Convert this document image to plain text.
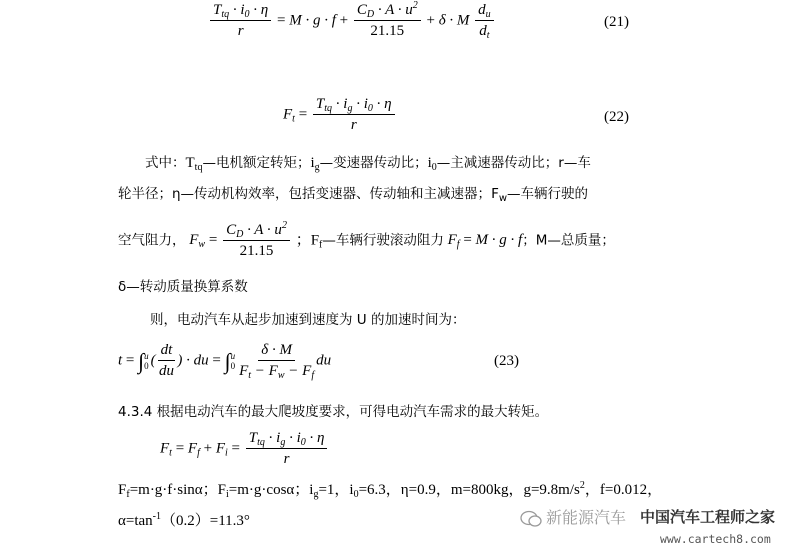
$\frac{T_{tq} \cdot i_0 \cdot \eta}{r} = M \cdot g \cdot f + \frac{C_D \cdot A \cdot u^2}{21.15} + \delta \cdot M \frac{d_u}{d_t}$	(21)
$F_t = \frac{T_{tq} \cdot i_g \cdot i_0 \cdot \eta}{r}$	(22)
式中：$T_{tq}—$电机额定转矩；$i_g—$变速器传动比；$i_0—$主减速器传动比；r—车
轮半径；η—传动机构效率，包括变速器、传动轴和主减速器；$F_w—$车辆行驶的
空气阻力， $F_w = \frac{C_D \cdot A \cdot u^2}{21.15}$ ；$F_f—$车辆行驶滚动阻力 $F_f = M \cdot g \cdot f$；M—总质量；
δ—转动质量换算系数
则，电动汽车从起步加速到速度为 U 的加速时间为：
t = ∫ u
0 ( $\frac{dt}{du}$ ) · du = ∫ u
$0 \frac{\delta \cdot M}{F_t - F_w - F_f}$ du	(23)
4.3.4 根据电动汽车的最大爬坡度要求，可得电动汽车需求的最大转矩。
$F_t = F_f + F_i = \frac{T_{tq} \cdot i_g \cdot i_0 \cdot \eta}{r}$
$F_f=m\cdot g\cdot f\cdot\sin\alpha$；$F_i=m\cdot g\cdot\cos\alpha$；$i_g=1$，$i_0=6.3$，η=0.9，m=800kg，$g=9.8m/s^2$，f=0.012，
$\alpha=\tan^{-1}(0.2)=11.3^\circ$	新能源汽车 中国汽车工程师之家
www.cartech8.com
